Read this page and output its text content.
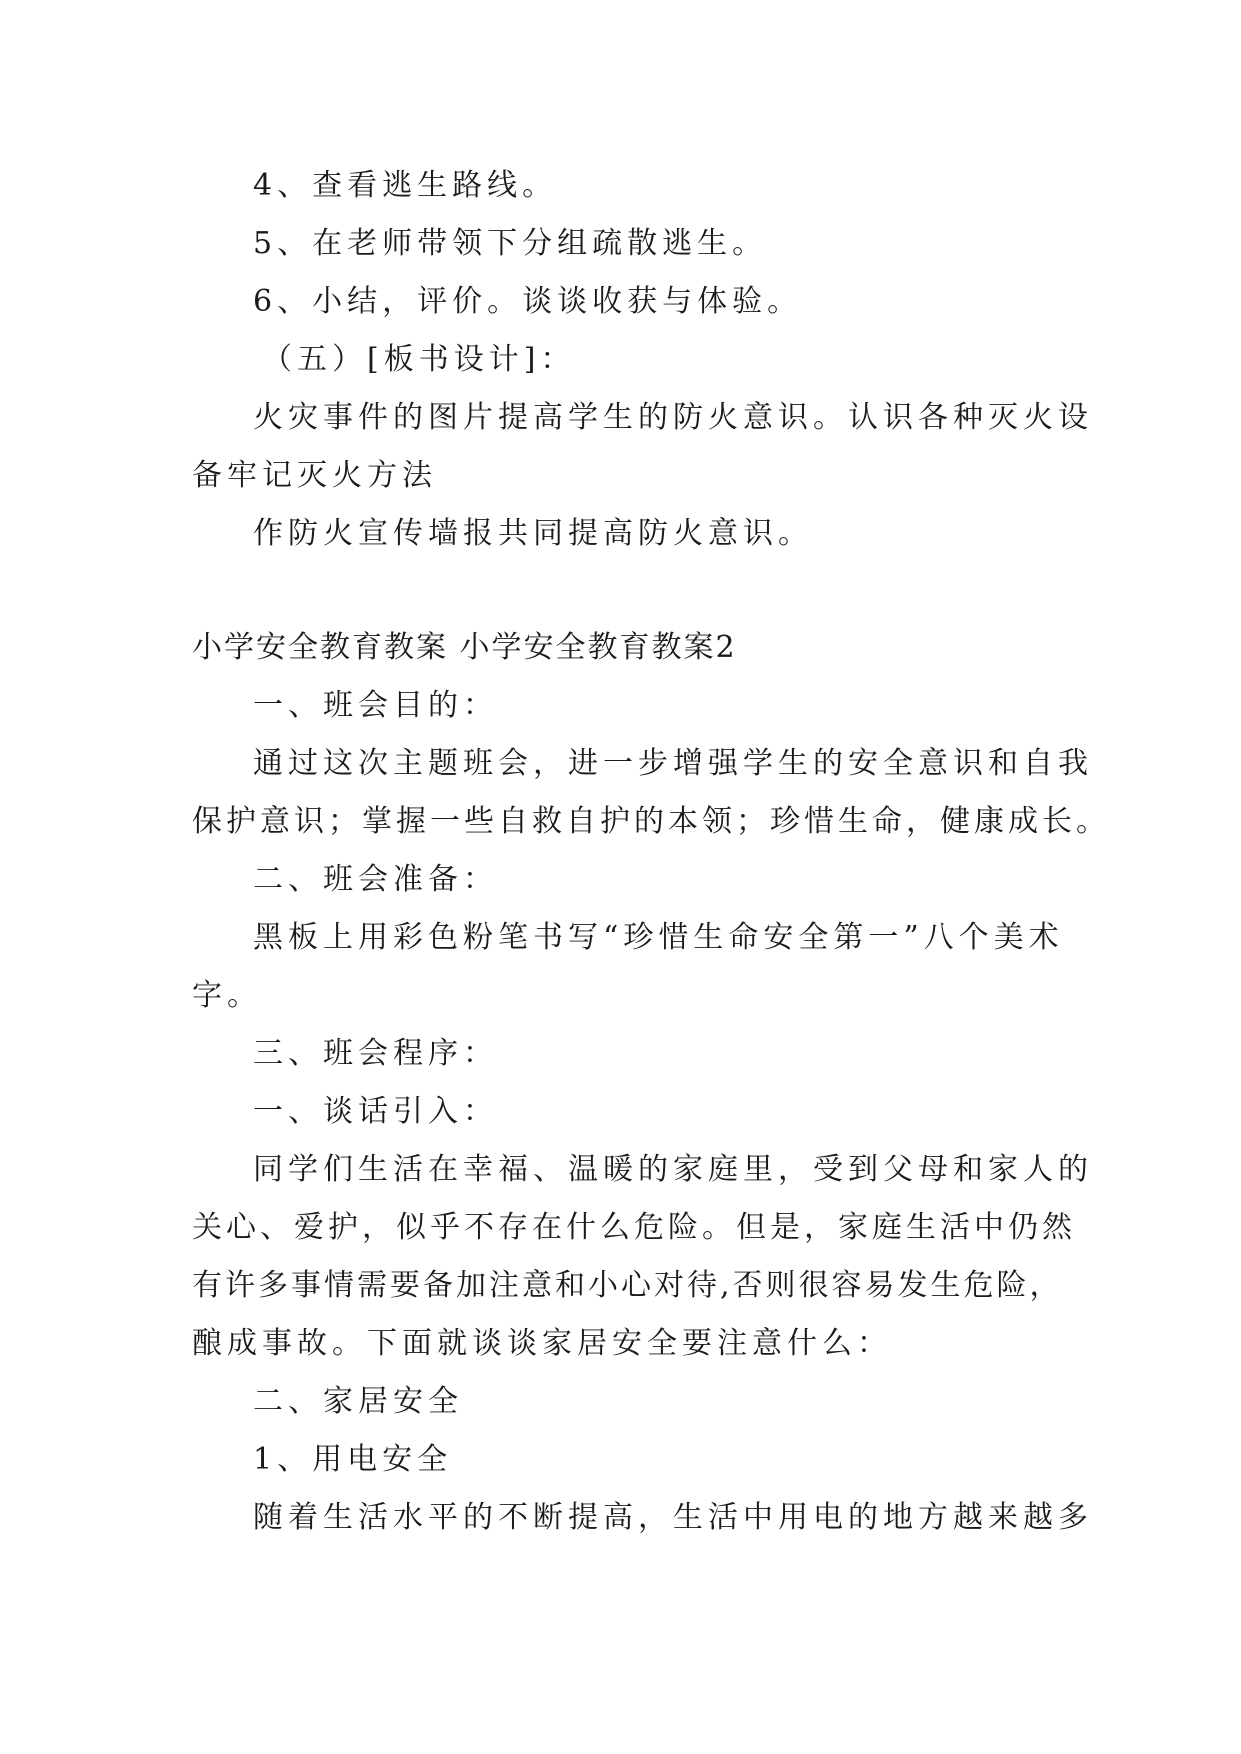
4、查看逃生路线。
5、在老师带领下分组疏散逃生。
6、小结，评价。谈谈收获与体验。
（五）[板书设计]：
火灾事件的图片提高学生的防火意识。认识各种灭火设
备牢记灭火方法
作防火宣传墙报共同提高防火意识。
小学安全教育教案 小学安全教育教案2
一、班会目的：
通过这次主题班会，进一步增强学生的安全意识和自我
保护意识；掌握一些自救自护的本领；珍惜生命，健康成长。
二、班会准备：
黑板上用彩色粉笔书写“珍惜生命安全第一”八个美术
字。
三、班会程序：
一、谈话引入：
同学们生活在幸福、温暖的家庭里，受到父母和家人的
关心、爱护，似乎不存在什么危险。但是，家庭生活中仍然
有许多事情需要备加注意和小心对待,否则很容易发生危险，
酿成事故。下面就谈谈家居安全要注意什么：
二、家居安全
1、用电安全
随着生活水平的不断提高，生活中用电的地方越来越多
